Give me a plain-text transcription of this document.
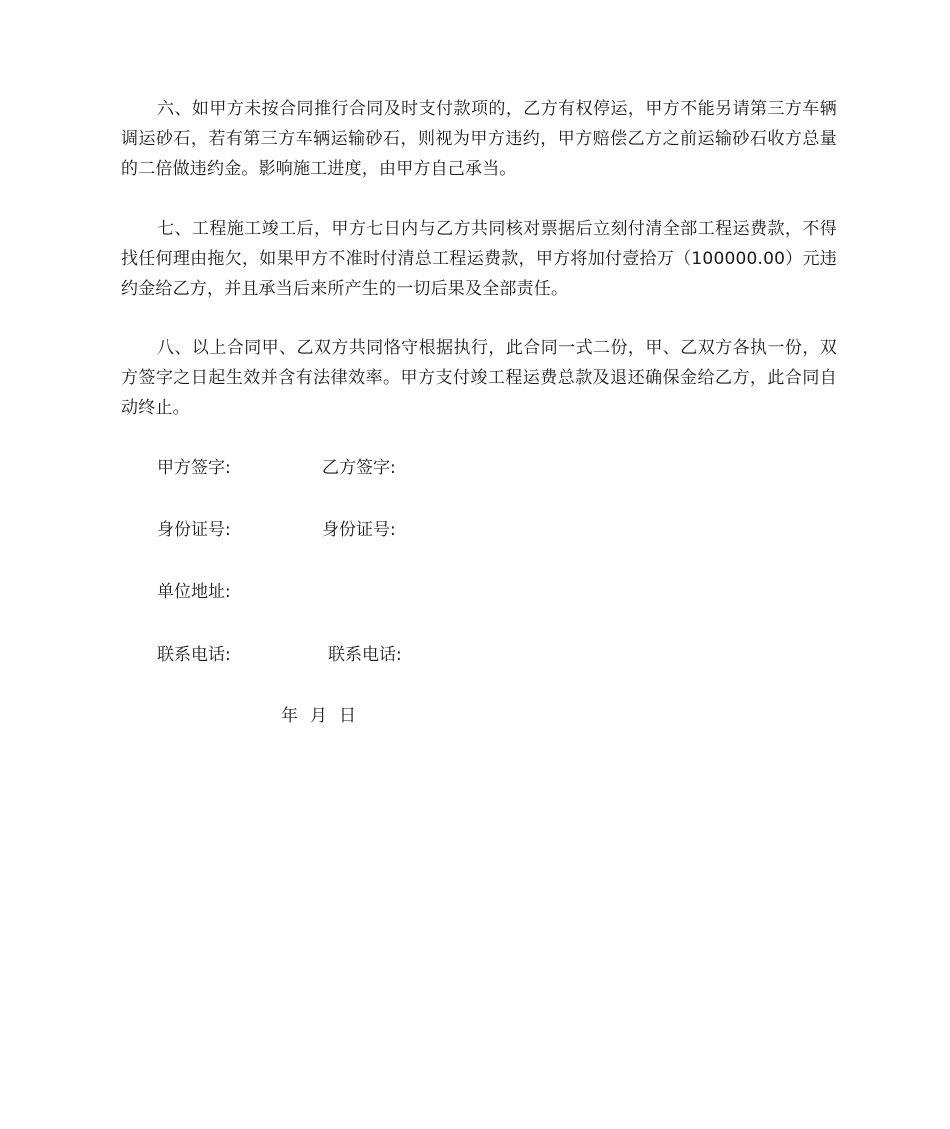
六、如甲方未按合同推行合同及时支付款项的，乙方有权停运，甲方不能另请第三方车辆调运砂石，若有第三方车辆运输砂石，则视为甲方违约，甲方赔偿乙方之前运输砂石收方总量的二倍做违约金。影响施工进度，由甲方自己承当。

七、工程施工竣工后，甲方七日内与乙方共同核对票据后立刻付清全部工程运费款，不得找任何理由拖欠，如果甲方不准时付清总工程运费款，甲方将加付壹拾万（100000.00）元违约金给乙方，并且承当后来所产生的一切后果及全部责任。

八、以上合同甲、乙双方共同恪守根据执行，此合同一式二份，甲、乙双方各执一份，双方签字之日起生效并含有法律效率。甲方支付竣工程运费总款及退还确保金给乙方，此合同自动终止。

甲方签字:	乙方签字:
身份证号:	身份证号:
单位地址:
联系电话:	联系电话:
年 月 日
